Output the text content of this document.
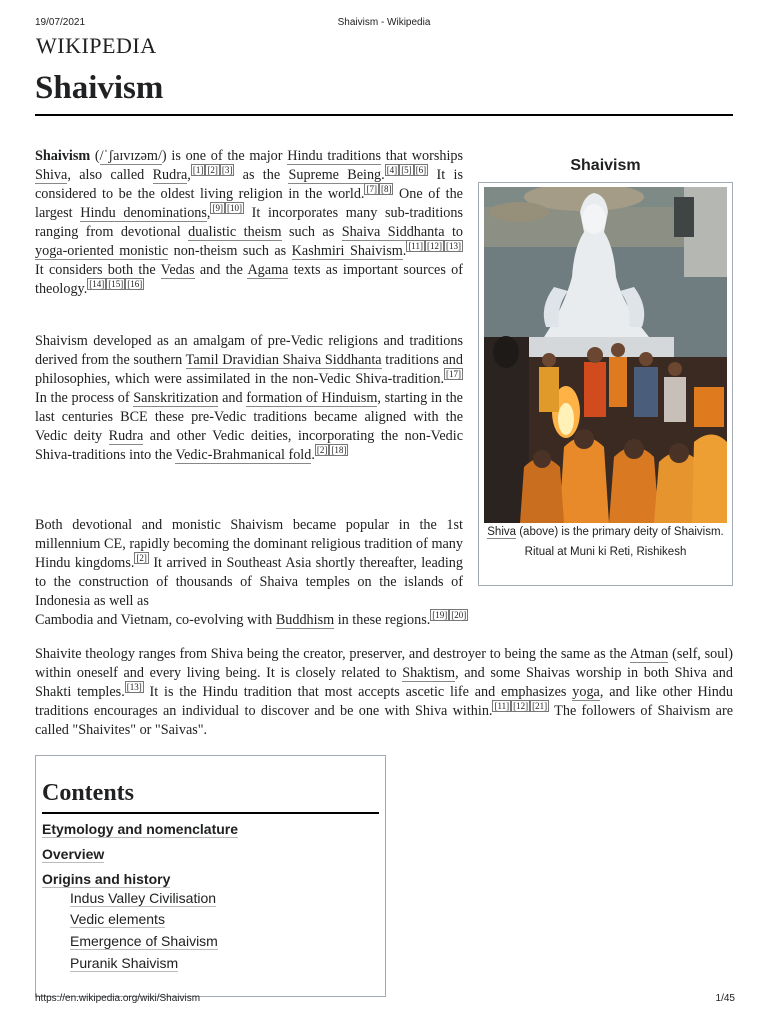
19/07/2021	Shaivism - Wikipedia
WIKIPEDIA
Shaivism

Shaivism (/ˈʃaɪvɪzəm/) is one of the major Hindu traditions that worships Shiva, also called Rudra, [1] [2] [3] as the Supreme Being. [4] [5] [6] It is considered to be the oldest living religion in the world. [7] [8] One of the largest Hindu denominations, [9] [10] It incorporates many sub-traditions ranging from devotional dualistic theism such as Shaiva Siddhanta to yoga-oriented monistic non-theism such as Kashmiri Shaivism. [11] [12] [13] It considers both the Vedas and the Agama texts as important sources of theology. [14] [15] [16]

Shaivism developed as an amalgam of pre-Vedic religions and traditions derived from the southern Tamil Dravidian Shaiva Siddhanta traditions and philosophies, which were assimilated in the non-Vedic Shiva-tradition. [17] In the process of Sanskritization and formation of Hinduism, starting in the last centuries BCE these pre-Vedic traditions became aligned with the Vedic deity Rudra and other Vedic deities, incorporating the non-Vedic Shiva-traditions into the Vedic-Brahmanical fold. [2] [18]

Both devotional and monistic Shaivism became popular in the 1st millennium CE, rapidly becoming the dominant religious tradition of many Hindu kingdoms. [2] It arrived in Southeast Asia shortly thereafter, leading to the construction of thousands of Shaiva temples on the islands of Indonesia as well as

Cambodia and Vietnam, co-evolving with Buddhism in these regions. [19] [20]

Shaivite theology ranges from Shiva being the creator, preserver, and destroyer to being the same as the Atman (self, soul) within oneself and every living being. It is closely related to Shaktism, and some Shaivas worship in both Shiva and Shakti temples. [13] It is the Hindu tradition that most accepts ascetic life and emphasizes yoga, and like other Hindu traditions encourages an individual to discover and be one with Shiva within. [11] [12] [21] The followers of Shaivism are called "Shaivites" or "Saivas".

Shaivism
Shiva (above) is the primary deity of Shaivism. Ritual at Muni ki Reti, Rishikesh
Contents
Etymology and nomenclature
Overview
Origins and history
Indus Valley Civilisation
Vedic elements
Emergence of Shaivism
Puranik Shaivism
https://en.wikipedia.org/wiki/Shaivism	1/45
